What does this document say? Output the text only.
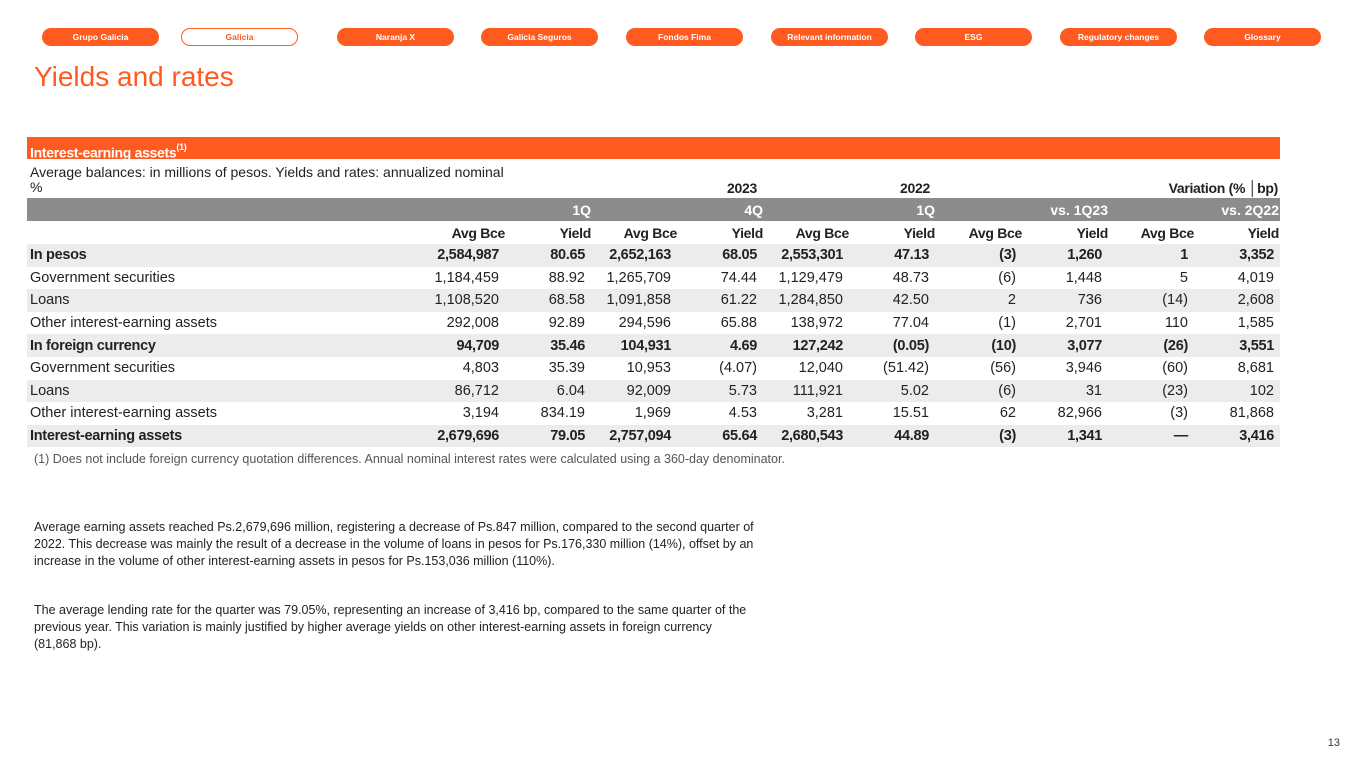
Grupo Galicia	Galicia	Naranja X	Galicia Seguros	Fondos Fima	Relevant information	ESG	Regulatory changes	Glossary
Yields and rates
Interest-earning assets$^{(1)}$
Average balances: in millions of pesos. Yields and rates: annualized nominal %	2023	2022	Variation (% │bp)
1Q	4Q	1Q	vs. 1Q23	vs. 2Q22
Avg Bce	Yield Avg Bce	Yield Avg Bce	Yield Avg Bce	Yield Avg Bce	Yield
In pesos	2,584,987	80.65	2,652,163	68.05	2,553,301	47.13	(3)	1,260	1	3,352
Government securities	1,184,459	88.92	1,265,709	74.44	1,129,479	48.73	(6)	1,448	5	4,019
Loans	1,108,520	68.58	1,091,858	61.22	1,284,850	42.50	2	736	(14)	2,608
Other interest-earning assets	292,008	92.89	294,596	65.88	138,972	77.04	(1)	2,701	110	1,585
In foreign currency	94,709	35.46	104,931	4.69	127,242	(0.05)	(10)	3,077	(26)	3,551
Government securities	4,803	35.39	10,953	(4.07)	12,040	(51.42)	(56)	3,946	(60)	8,681
Loans	86,712	6.04	92,009	5.73	111,921	5.02	(6)	31	(23)	102
Other interest-earning assets	3,194	834.19	1,969	4.53	3,281	15.51	62	82,966	(3)	81,868
Interest-earning assets	2,679,696	79.05	2,757,094	65.64	2,680,543	44.89	(3)	1,341	—	3,416
(1) Does not include foreign currency quotation differences. Annual nominal interest rates were calculated using a 360-day denominator.

Average earning assets reached Ps.2,679,696 million, registering a decrease of Ps.847 million, compared to the second quarter of 2022. This decrease was mainly the result of a decrease in the volume of loans in pesos for Ps.176,330 million (14%), offset by an increase in the volume of other interest-earning assets in pesos for Ps.153,036 million (110%).

The average lending rate for the quarter was 79.05%, representing an increase of 3,416 bp, compared to the same quarter of the previous year. This variation is mainly justified by higher average yields on other interest-earning assets in foreign currency (81,868 bp).

13
